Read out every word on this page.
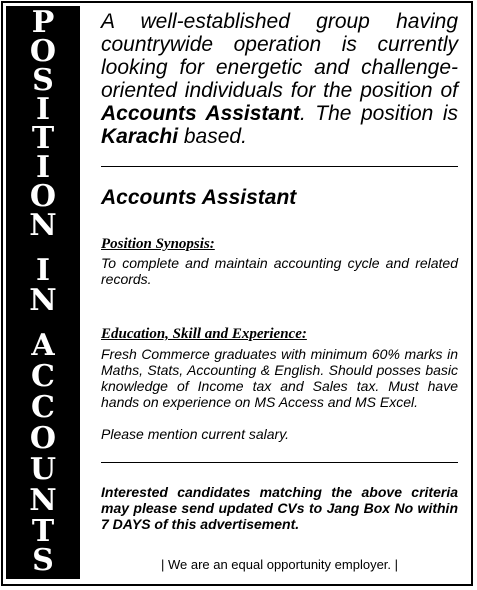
P
O
S
I
T
I
O
N
I
N
A
C
C
O
U
N
T
S

A well-established group having countrywide operation is currently looking for energetic and challenge-oriented individuals for the position of Accounts Assistant. The position is Karachi based.

Accounts Assistant

Position Synopsis:

To complete and maintain accounting cycle and related records.

Education, Skill and Experience:

Fresh Commerce graduates with minimum 60% marks in Maths, Stats, Accounting & English. Should posses basic knowledge of Income tax and Sales tax. Must have hands on experience on MS Access and MS Excel.

Please mention current salary.

Interested candidates matching the above criteria may please send updated CVs to Jang Box No within 7 DAYS of this advertisement.

| We are an equal opportunity employer. |
